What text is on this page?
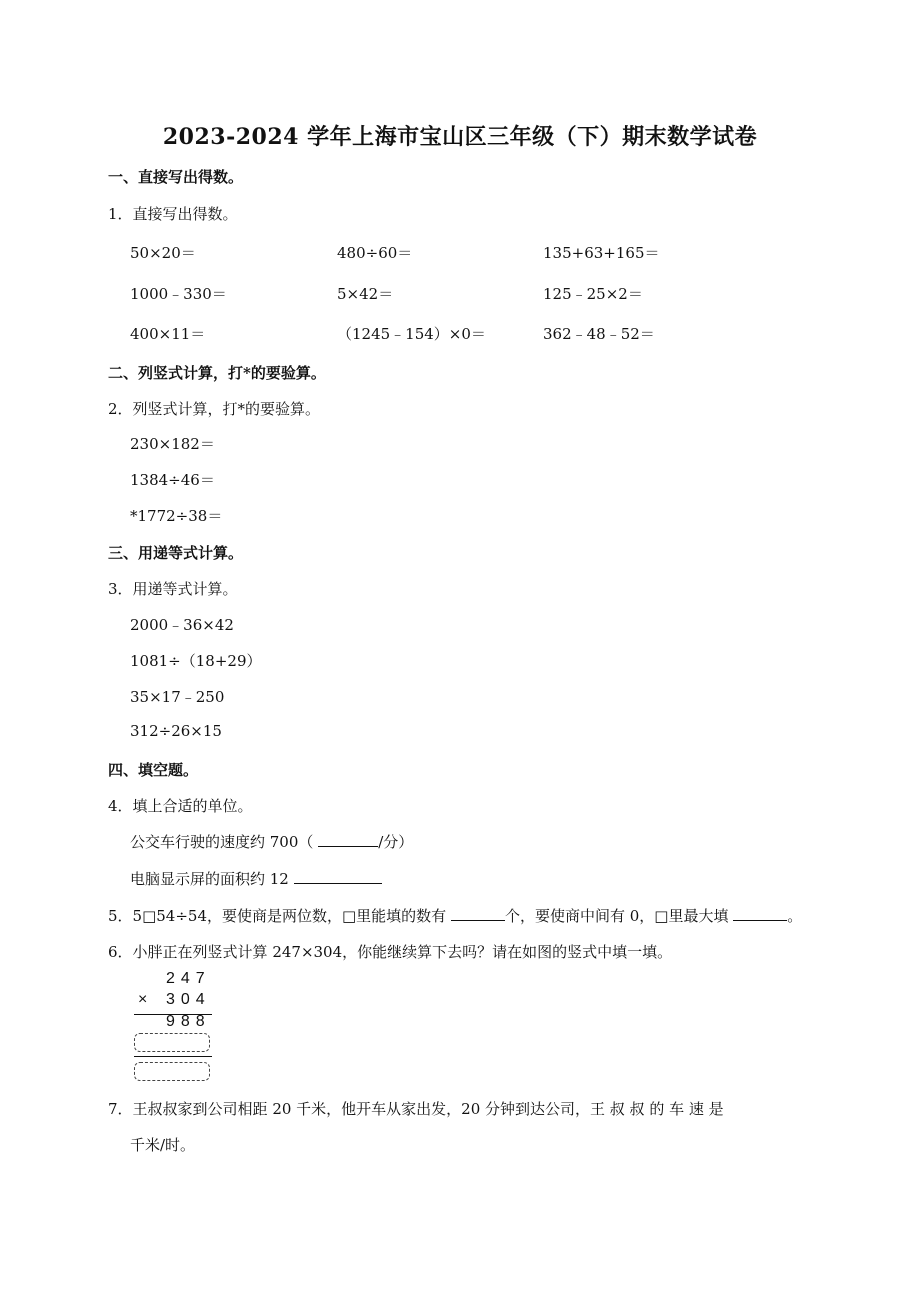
2023-2024 学年上海市宝山区三年级（下）期末数学试卷
一、直接写出得数。
1．直接写出得数。
50×20＝	480÷60＝	135+63+165＝
1000﹣330＝	5×42＝	125﹣25×2＝
400×11＝	（1245﹣154）×0＝	362﹣48﹣52＝
二、列竖式计算，打*的要验算。
2．列竖式计算，打*的要验算。
230×182＝
1384÷46＝
*1772÷38＝
三、用递等式计算。
3．用递等式计算。
2000﹣36×42
1081÷（18+29）
35×17﹣250
312÷26×15
四、填空题。
4．填上合适的单位。
公交车行驶的速度约 700（	/分）
电脑显示屏的面积约 12
5．5□54÷54，要使商是两位数，□里能填的数有	个，要使商中间有 0，□里最大填	。
6．小胖正在列竖式计算 247×304，你能继续算下去吗？请在如图的竖式中填一填。
247
× 304
988
7．王叔叔家到公司相距 20 千米，他开车从家出发，20 分钟到达公司，王 叔 叔 的 车 速 是
千米/时。
